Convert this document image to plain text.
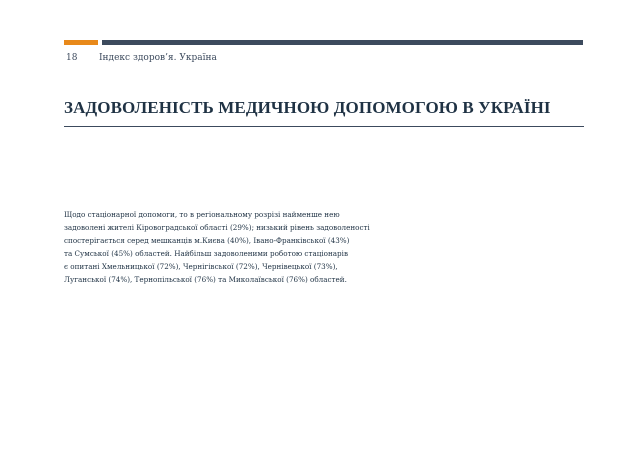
18 Індекс здоров’я. Україна
ЗАДОВОЛЕНІСТЬ МЕДИЧНОЮ ДОПОМОГОЮ В УКРАЇНІ

Щодо стаціонарної допомоги, то в регіональному розрізі найменше нею
задоволені жителі Кіровоградської області (29%); низький рівень задоволеності
спостерігається серед мешканців м.Києва (40%), Івано-Франківської (43%)
та Сумської (45%) областей. Найбільш задоволеними роботою стаціонарів
є опитані Хмельницької (72%), Чернігівської (72%), Чернівецької (73%),
Луганської (74%), Тернопільської (76%) та Миколаївської (76%) областей.
